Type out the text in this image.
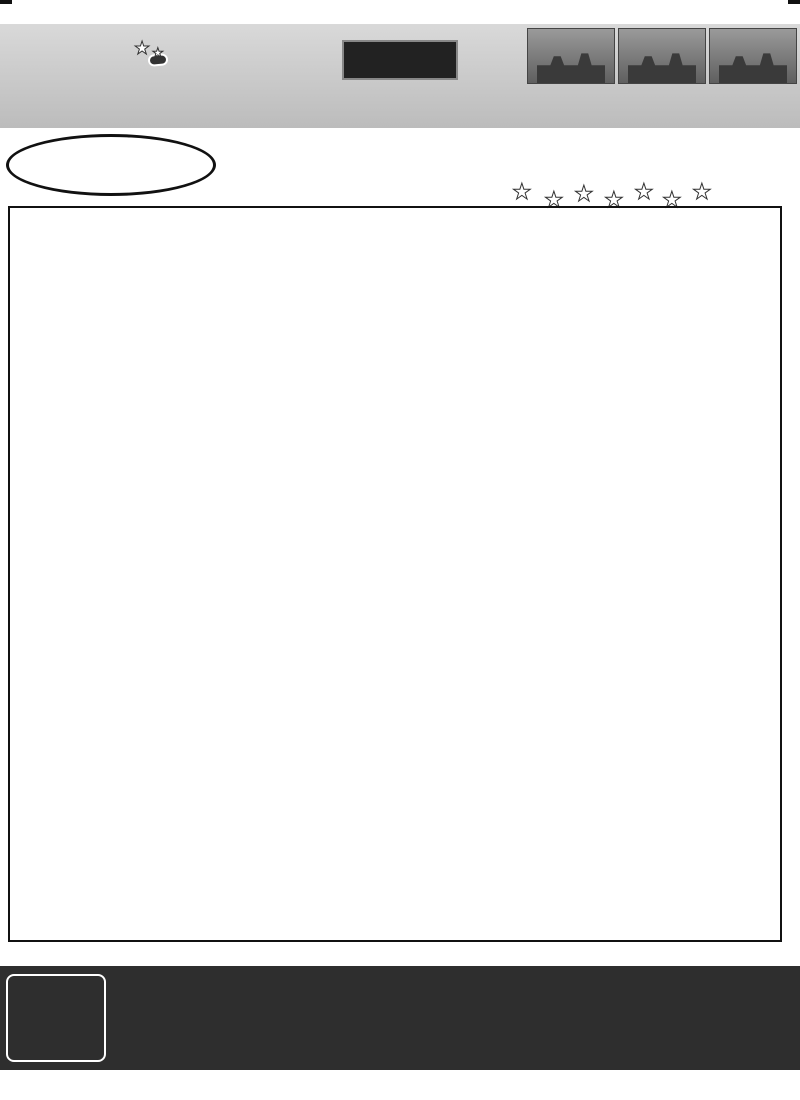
★ ★
★ ★ ★ ★ ★ ★ ★
